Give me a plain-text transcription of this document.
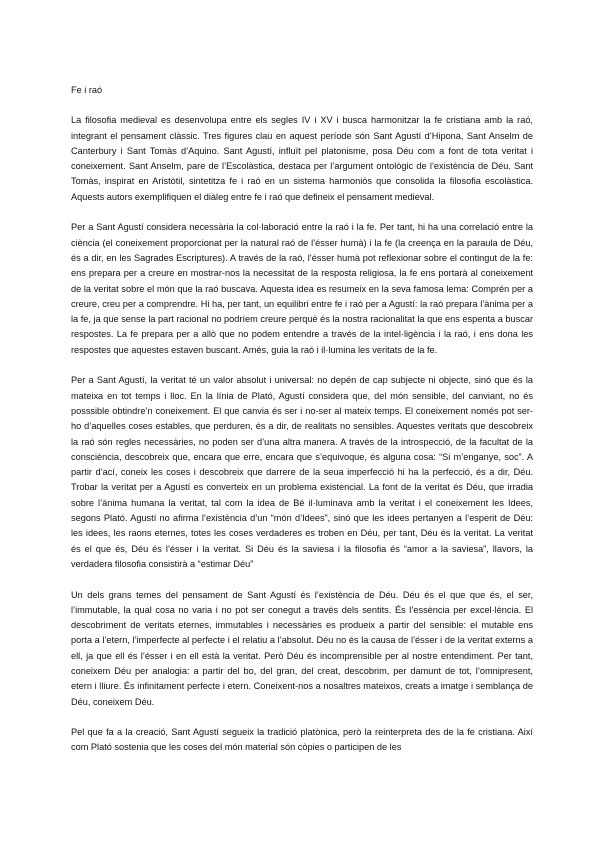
Fe i raó

La filosofia medieval es desenvolupa entre els segles IV i XV i busca harmonitzar la fe cristiana amb la raó, integrant el pensament clàssic. Tres figures clau en aquest període són Sant Agustí d’Hipona, Sant Anselm de Canterbury i Sant Tomàs d’Aquino. Sant Agustí, influït pel platonisme, posa Déu com a font de tota veritat i coneixement. Sant Anselm, pare de l’Escolàstica, destaca per l’argument ontològic de l’existència de Déu. Sant Tomàs, inspirat en Aristòtil, sintetitza fe i raó en un sistema harmoniós que consolida la filosofia escolàstica. Aquests autors exemplifiquen el diàleg entre fe i raó que defineix el pensament medieval.

Per a Sant Agustí considera necessària la col·laboració entre la raó i la fe. Per tant, hi ha una correlació entre la ciència (el coneixement proporcionat per la natural raó de l’ésser humà) i la fe (la creença en la paraula de Déu, és a dir, en les Sagrades Escriptures). A través de la raó, l’ésser humà pot reflexionar sobre el contingut de la fe: ens prepara per a creure en mostrar-nos la necessitat de la resposta religiosa, la fe ens portarà al coneixement de la veritat sobre el món que la raó buscava. Aquesta idea es resumeix en la seva famosa lema: Comprén per a creure, creu per a comprendre. Hi ha, per tant, un equilibri entre fe i raó per a Agustí: la raó prepara l’ànima per a la fe, ja que sense la part racional no podríem creure perquè és la nostra racionalitat la que ens espenta a buscar respostes. La fe prepara per a allò que no podem entendre a través de la intel·ligència i la raó, i ens dona les respostes que aquestes estaven buscant. Amés, guia la raó i il·lumina les veritats de la fe.

Per a Sant Agustí, la veritat té un valor absolut i universal: no depén de cap subjecte ni objecte, sinó que és la mateixa en tot temps i lloc. En la línia de Plató, Agustí considera que, del món sensible, del canviant, no és posssible obtindre’n coneixement. El que canvia és ser i no-ser al mateix temps. El coneixement només pot ser-ho d’aquelles coses estables, que perduren, és a dir, de realitats no sensibles. Aquestes veritats que descobreix la raó són regles necessàries, no poden ser d’una altra manera. A través de la introspecció, de la facultat de la consciència, descobreix que, encara que erre, encara que s’equivoque, és alguna cosa: “Si m’enganye, soc”. A partir d’ací, coneix les coses i descobreix que darrere de la seua imperfecció hi ha la perfecció, és a dir, Déu. Trobar la veritat per a Agustí es converteix en un problema existencial. La font de la veritat és Déu, que irradia sobre l’ànima humana la veritat, tal com la idea de Bé il·luminava amb la veritat i el coneixement les Idees, segons Plató. Agustí no afirma l’existència d’un “món d’Idees”, sinó que les idees pertanyen a l’esperit de Déu: les idees, les raons eternes, totes les coses verdaderes es troben en Déu, per tant, Déu és la veritat. La veritat és el que és, Déu és l’ésser i la veritat. Si Déu és la saviesa i la filosofia és “amor a la saviesa”, llavors, la verdadera filosofia consistirà a “estimar Déu”

Un dels grans temes del pensament de Sant Agustí és l’existència de Déu. Déu és el que que és, el ser, l’immutable, la qual cosa no varia i no pot ser conegut a través dels sentits. És l’essència per excel·lència. El descobriment de veritats eternes, immutables i necessàries es produeix a partir del sensible: el mutable ens porta a l’etern, l’imperfecte al perfecte i el relatiu a l’absolut. Déu no és la causa de l’ésser i de la veritat externs a ell, ja que ell és l’ésser i en ell està la veritat. Però Déu és incomprensible per al nostre entendiment. Per tant, coneixem Déu per analogia: a partir del bo, del gran, del creat, descobrim, per damunt de tot, l’omnipresent, etern i lliure. És infinitament perfecte i etern. Coneixent-nos a nosaltres mateixos, creats a imatge i semblança de Déu, coneixem Déu.

Pel que fa a la creació, Sant Agustí segueix la tradició platònica, però la reinterpreta des de la fe cristiana. Així com Plató sostenia que les coses del món material són còpies o participen de les
